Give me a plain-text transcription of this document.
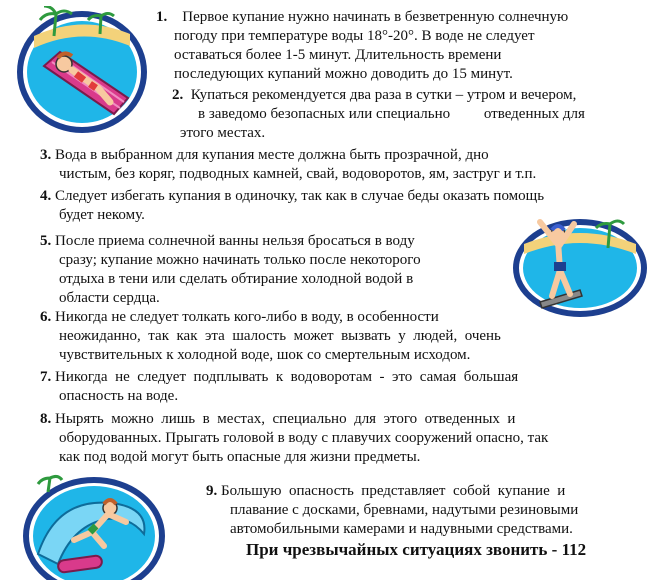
1. Первое купание нужно начинать в безветренную солнечную
погоду при температуре воды 18°-20°. В воде не следует
оставаться более 1-5 минут. Длительность времени
последующих купаний можно доводить до 15 минут.
2. Купаться рекомендуется два раза в сутки – утром и вечером,
в заведомо безопасных или специально         отведенных для
этого местах.
3. Вода в выбранном для купания месте должна быть прозрачной, дно
чистым, без коряг, подводных камней, свай, водоворотов, ям, заструг и т.п.
4. Следует избегать купания в одиночку, так как в случае беды оказать помощь
будет некому.
5. После приема солнечной ванны нельзя бросаться в воду
сразу; купание можно начинать только после некоторого
отдыха в тени или сделать обтирание холодной водой в
области сердца.
6. Никогда не следует толкать кого-либо в воду, в особенности
неожиданно,  так  как  эта  шалость  может  вызвать  у  людей,  очень
чувствительных к холодной воде, шок со смертельным исходом.
7. Никогда  не  следует  подплывать  к  водоворотам  -  это  самая  большая
опасность на воде.
8. Нырять  можно  лишь  в  местах,  специально  для  этого  отведенных  и
оборудованных. Прыгать головой в воду с плавучих сооружений опасно, так
как под водой могут быть опасные для жизни предметы.
9. Большую  опасность  представляет  собой  купание  и
плавание с досками, бревнами, надутыми резиновыми
автомобильными камерами и надувными средствами.
При чрезвычайных ситуациях звонить - 112
